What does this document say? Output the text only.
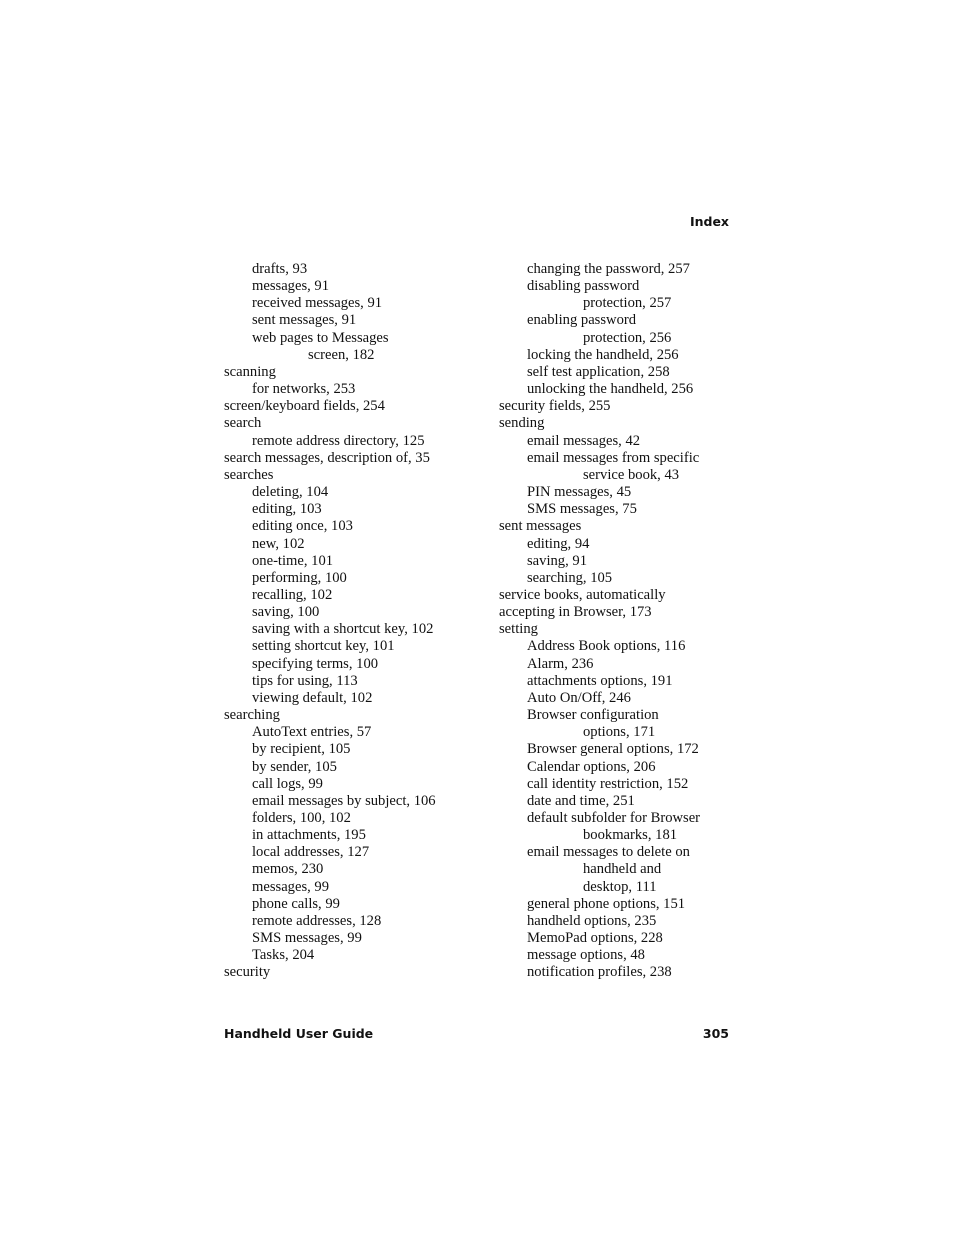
Index
drafts, 93
messages, 91
received messages, 91
sent messages, 91
web pages to Messages
screen, 182
scanning
for networks, 253
screen/keyboard fields, 254
search
remote address directory, 125
search messages, description of, 35
searches
deleting, 104
editing, 103
editing once, 103
new, 102
one-time, 101
performing, 100
recalling, 102
saving, 100
saving with a shortcut key, 102
setting shortcut key, 101
specifying terms, 100
tips for using, 113
viewing default, 102
searching
AutoText entries, 57
by recipient, 105
by sender, 105
call logs, 99
email messages by subject, 106
folders, 100, 102
in attachments, 195
local addresses, 127
memos, 230
messages, 99
phone calls, 99
remote addresses, 128
SMS messages, 99
Tasks, 204
security
changing the password, 257
disabling password
protection, 257
enabling password
protection, 256
locking the handheld, 256
self test application, 258
unlocking the handheld, 256
security fields, 255
sending
email messages, 42
email messages from specific
service book, 43
PIN messages, 45
SMS messages, 75
sent messages
editing, 94
saving, 91
searching, 105
service books, automatically
accepting in Browser, 173
setting
Address Book options, 116
Alarm, 236
attachments options, 191
Auto On/Off, 246
Browser configuration
options, 171
Browser general options, 172
Calendar options, 206
call identity restriction, 152
date and time, 251
default subfolder for Browser
bookmarks, 181
email messages to delete on
handheld and
desktop, 111
general phone options, 151
handheld options, 235
MemoPad options, 228
message options, 48
notification profiles, 238
Handheld User Guide	305
